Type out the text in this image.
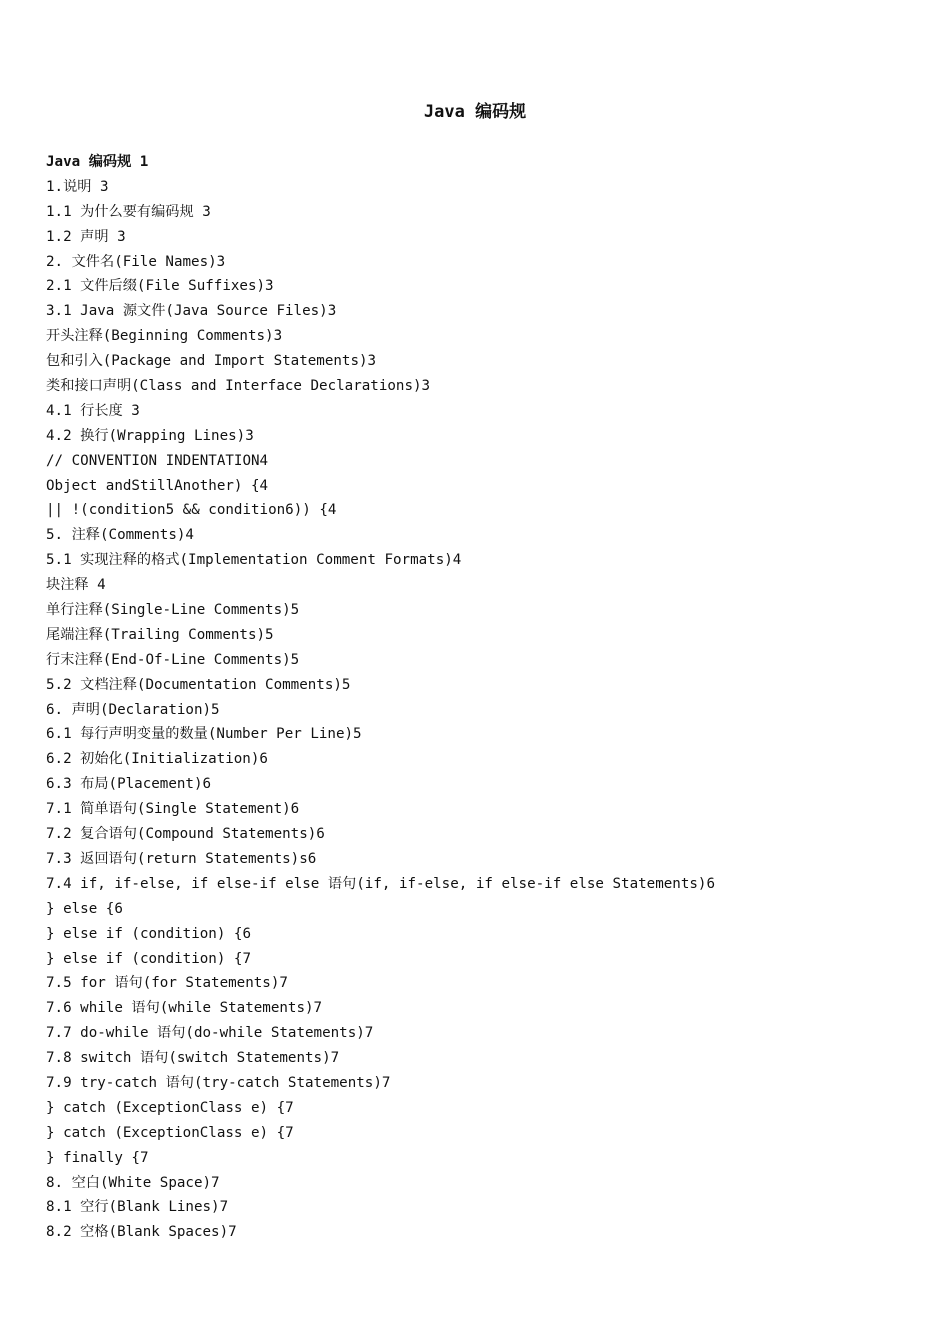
Java 编码规
Java 编码规 1
1.说明 3
1.1 为什么要有编码规 3
1.2 声明 3
2. 文件名(File Names)3
2.1 文件后缀(File Suffixes)3
3.1 Java 源文件(Java Source Files)3
开头注释(Beginning Comments)3
包和引入(Package and Import Statements)3
类和接口声明(Class and Interface Declarations)3
4.1 行长度 3
4.2 换行(Wrapping Lines)3
// CONVENTION INDENTATION4
Object andStillAnother) {4
|| !(condition5 && condition6)) {4
5. 注释(Comments)4
5.1 实现注释的格式(Implementation Comment Formats)4
块注释 4
单行注释(Single-Line Comments)5
尾端注释(Trailing Comments)5
行末注释(End-Of-Line Comments)5
5.2 文档注释(Documentation Comments)5
6. 声明(Declaration)5
6.1 每行声明变量的数量(Number Per Line)5
6.2 初始化(Initialization)6
6.3 布局(Placement)6
7.1 简单语句(Single Statement)6
7.2 复合语句(Compound Statements)6
7.3 返回语句(return Statements)s6
7.4 if, if-else, if else-if else 语句(if, if-else, if else-if else Statements)6
} else {6
} else if (condition) {6
} else if (condition) {7
7.5 for 语句(for Statements)7
7.6 while 语句(while Statements)7
7.7 do-while 语句(do-while Statements)7
7.8 switch 语句(switch Statements)7
7.9 try-catch 语句(try-catch Statements)7
} catch (ExceptionClass e) {7
} catch (ExceptionClass e) {7
} finally {7
8. 空白(White Space)7
8.1 空行(Blank Lines)7
8.2 空格(Blank Spaces)7
